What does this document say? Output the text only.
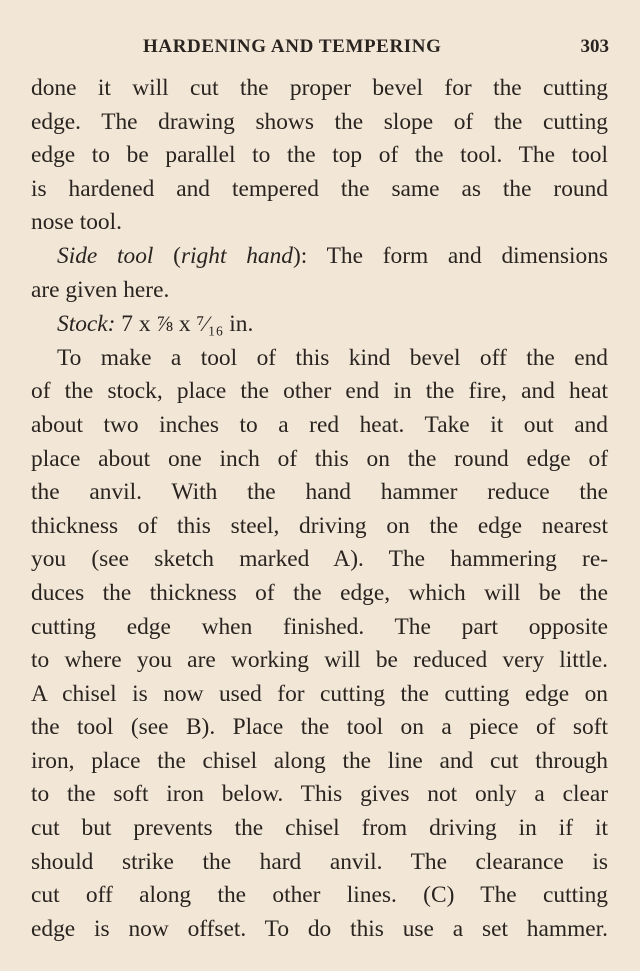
HARDENING AND TEMPERING	303

done it will cut the proper bevel for the cutting
edge. The drawing shows the slope of the cutting
edge to be parallel to the top of the tool. The tool
is hardened and tempered the same as the round
nose tool.

Side tool (right hand): The form and dimensions
are given here.

Stock: 7 x ⅞ x ⁷⁄₁₆ in.

To make a tool of this kind bevel off the end
of the stock, place the other end in the fire, and heat
about two inches to a red heat. Take it out and
place about one inch of this on the round edge of
the anvil. With the hand hammer reduce the
thickness of this steel, driving on the edge nearest
you (see sketch marked A). The hammering re-
duces the thickness of the edge, which will be the
cutting edge when finished. The part opposite
to where you are working will be reduced very little.
A chisel is now used for cutting the cutting edge on
the tool (see B). Place the tool on a piece of soft
iron, place the chisel along the line and cut through
to the soft iron below. This gives not only a clear
cut but prevents the chisel from driving in if it
should strike the hard anvil. The clearance is
cut off along the other lines. (C) The cutting
edge is now offset. To do this use a set hammer.
